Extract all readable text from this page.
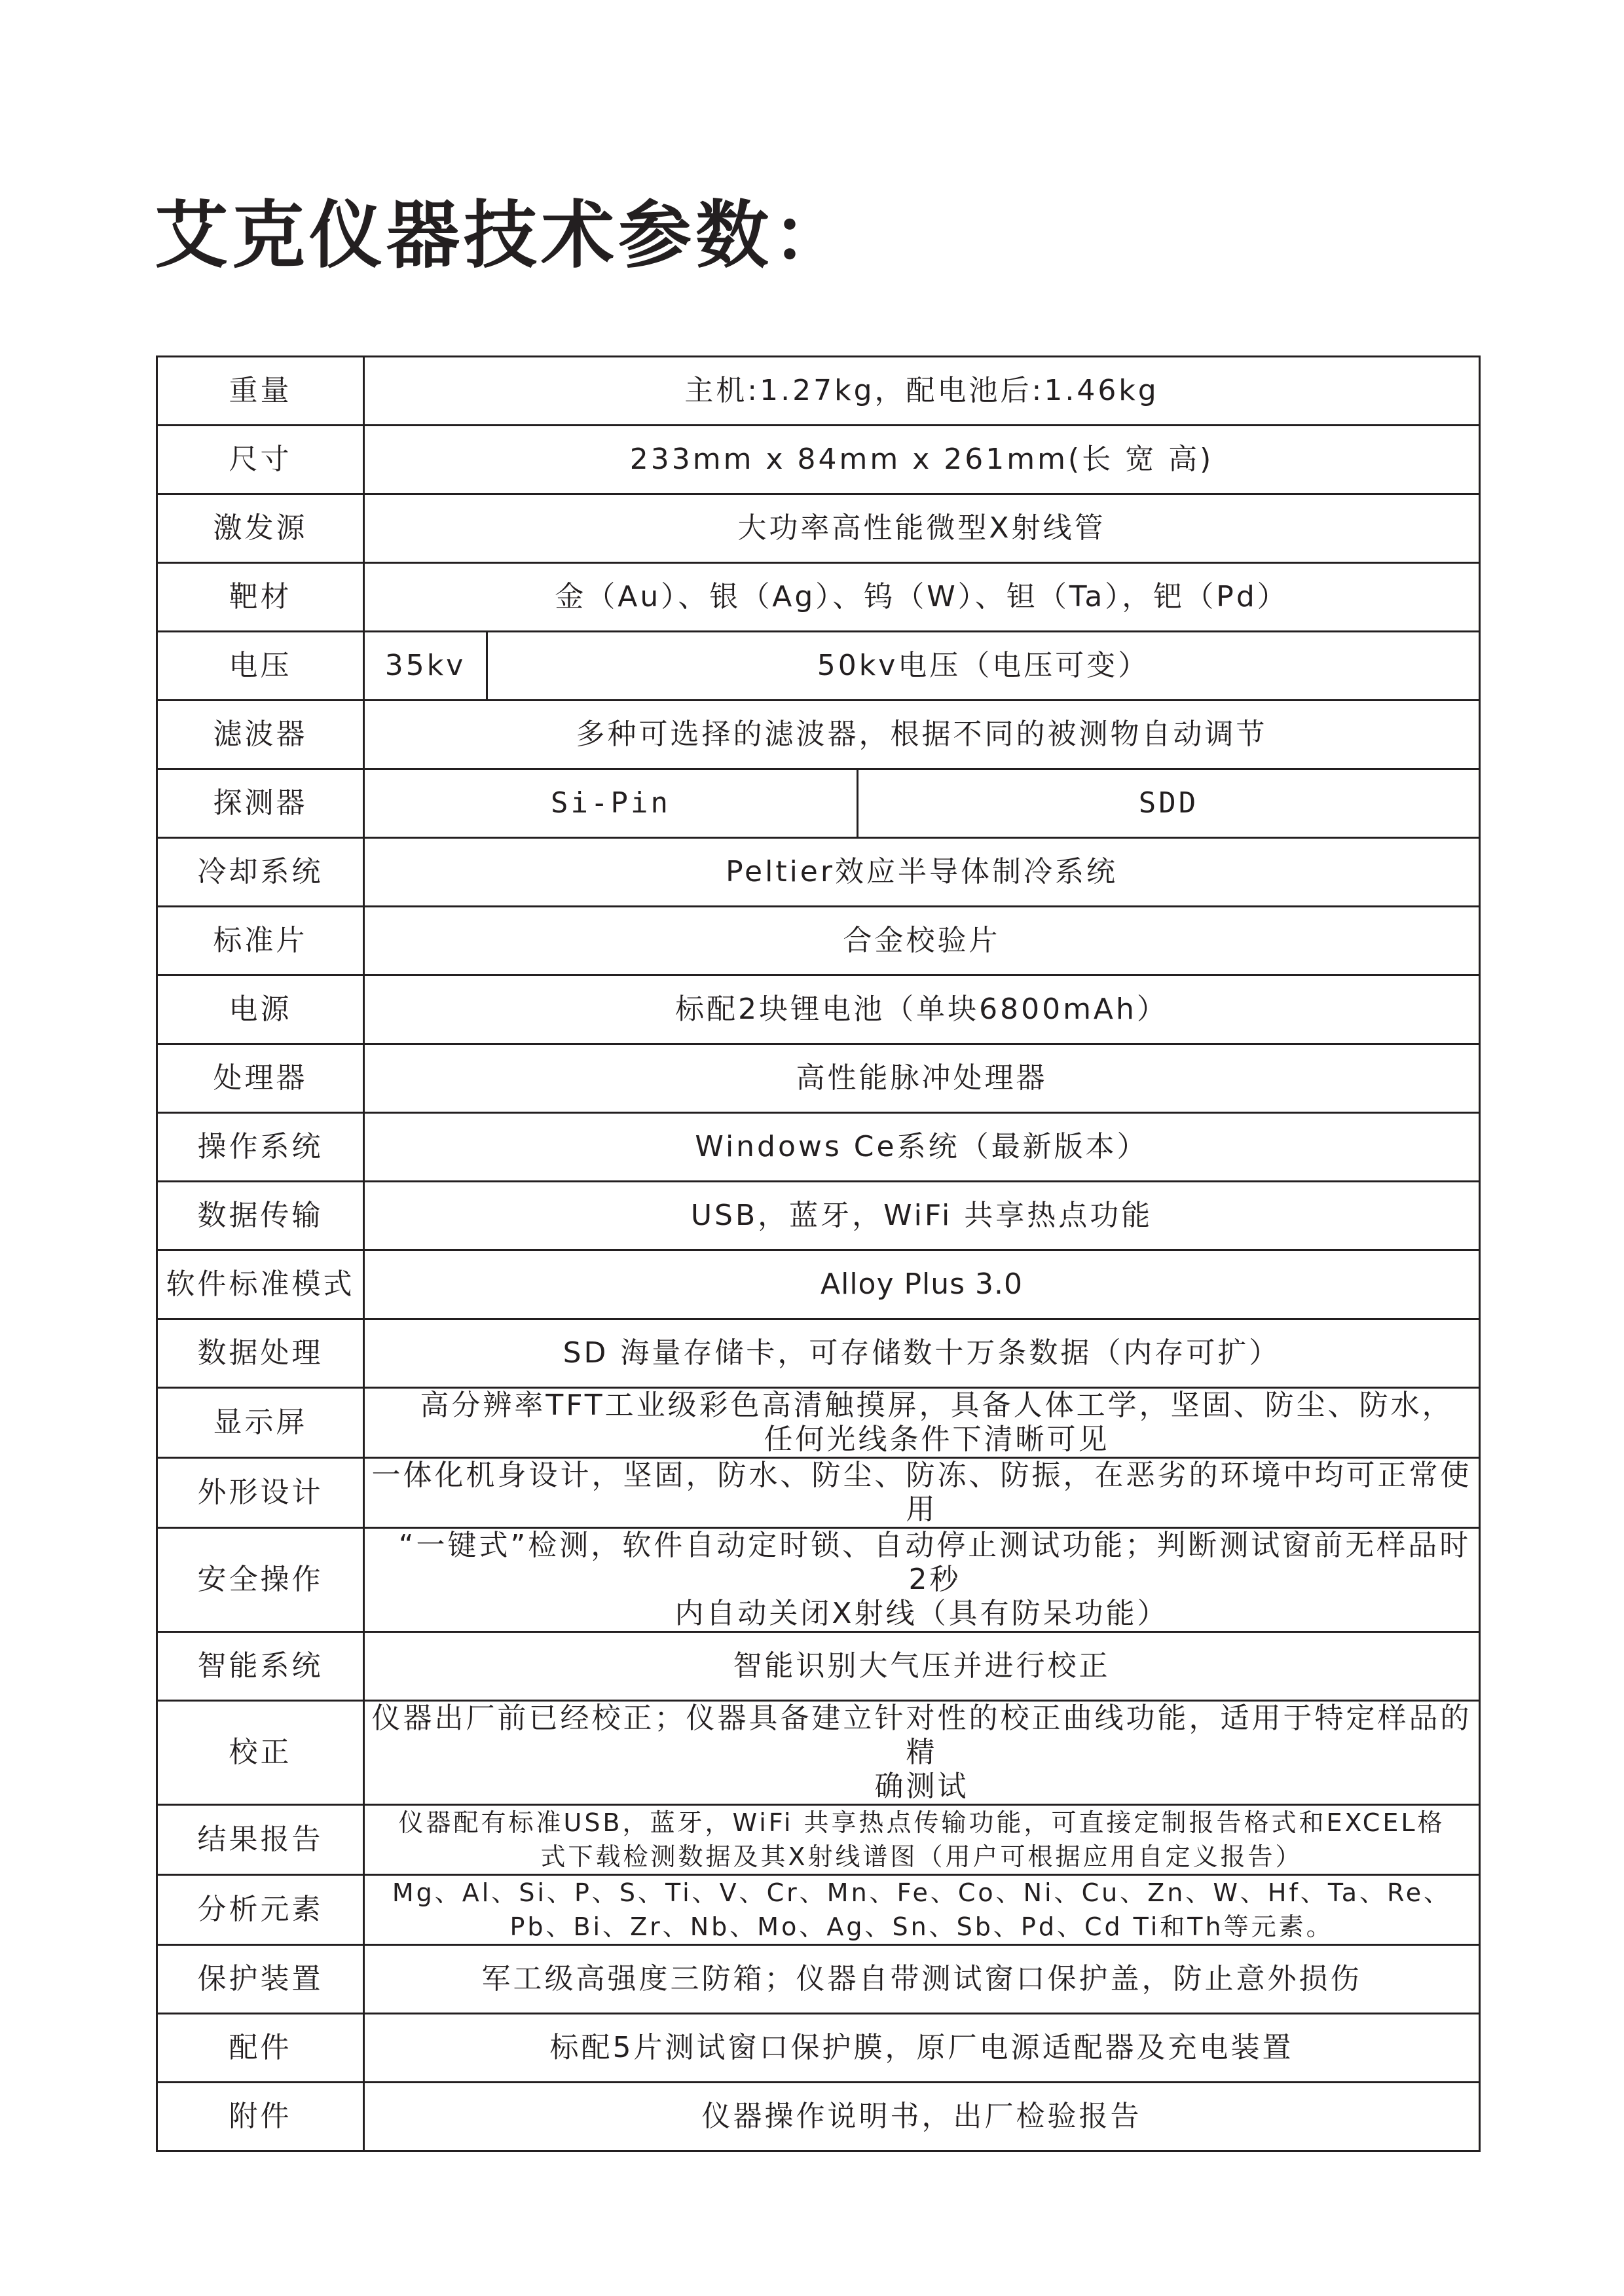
艾克仪器技术参数：
重量	主机:1.27kg，配电池后:1.46kg		
尺寸	233mm x 84mm x 261mm(长 宽 高)		
激发源	大功率高性能微型X射线管		
靶材	金（Au）、银（Ag）、钨（W）、钽（Ta），钯（Pd）		
电压	35kv	50kv电压（电压可变）	
滤波器	多种可选择的滤波器，根据不同的被测物自动调节		
探测器	Si-Pin		SDD
冷却系统	Peltier效应半导体制冷系统		
标准片	合金校验片		
电源	标配2块锂电池（单块6800mAh）		
处理器	高性能脉冲处理器		
操作系统	Windows Ce系统（最新版本）		
数据传输	USB，蓝牙，WiFi 共享热点功能		
软件标准模式	Alloy Plus 3.0		
数据处理	SD 海量存储卡，可存储数十万条数据（内存可扩）		
显示屏	高分辨率TFT工业级彩色高清触摸屏，具备人体工学，坚固、防尘、防水，
任何光线条件下清晰可见		

外形设计	一体化机身设计，坚固，防水、防尘、防冻、防振，在恶劣的环境中均可正常使用		
安全操作	“一键式”检测，软件自动定时锁、自动停止测试功能；判断测试窗前无样品时2秒
内自动关闭X射线（具有防呆功能）		

智能系统	智能识别大气压并进行校正		
校正	仪器出厂前已经校正；仪器具备建立针对性的校正曲线功能，适用于特定样品的精
确测试		

结果报告	仪器配有标准USB，蓝牙，WiFi 共享热点传输功能，可直接定制报告格式和EXCEL格
式下载检测数据及其X射线谱图（用户可根据应用自定义报告）		

分析元素	Mg、Al、Si、P、S、Ti、V、Cr、Mn、Fe、Co、Ni、Cu、Zn、W、Hf、Ta、Re、
Pb、Bi、Zr、Nb、Mo、Ag、Sn、Sb、Pd、Cd Ti和Th等元素。		

保护装置	军工级高强度三防箱；仪器自带测试窗口保护盖，防止意外损伤		
配件	标配5片测试窗口保护膜，原厂电源适配器及充电装置		
附件	仪器操作说明书，出厂检验报告		
